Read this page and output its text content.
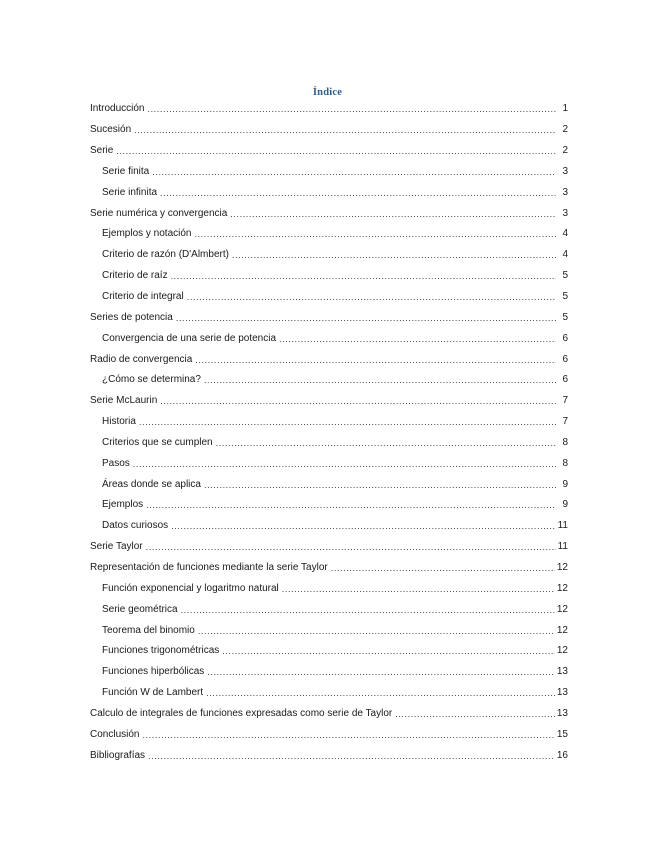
Índice
Introducción .....	1
Sucesión .....	2
Serie .....	2
Serie finita .....	3
Serie infinita .....	3
Serie numérica y convergencia .....	3
Ejemplos y notación .....	4
Criterio de razón (D'Almbert) .....	4
Criterio de raíz .....	5
Criterio de integral .....	5
Series de potencia .....	5
Convergencia de una serie de potencia .....	6
Radio de convergencia .....	6
¿Cómo se determina? .....	6
Serie McLaurin .....	7
Historia .....	7
Criterios que se cumplen .....	8
Pasos .....	8
Áreas donde se aplica .....	9
Ejemplos .....	9
Datos curiosos .....	11
Serie Taylor .....	11
Representación de funciones mediante la serie Taylor .....	12
Función exponencial y logaritmo natural .....	12
Serie geométrica .....	12
Teorema del binomio .....	12
Funciones trigonométricas .....	12
Funciones hiperbólicas .....	13
Función W de Lambert .....	13
Calculo de integrales de funciones expresadas como serie de Taylor .....	13
Conclusión .....	15
Bibliografías .....	16
